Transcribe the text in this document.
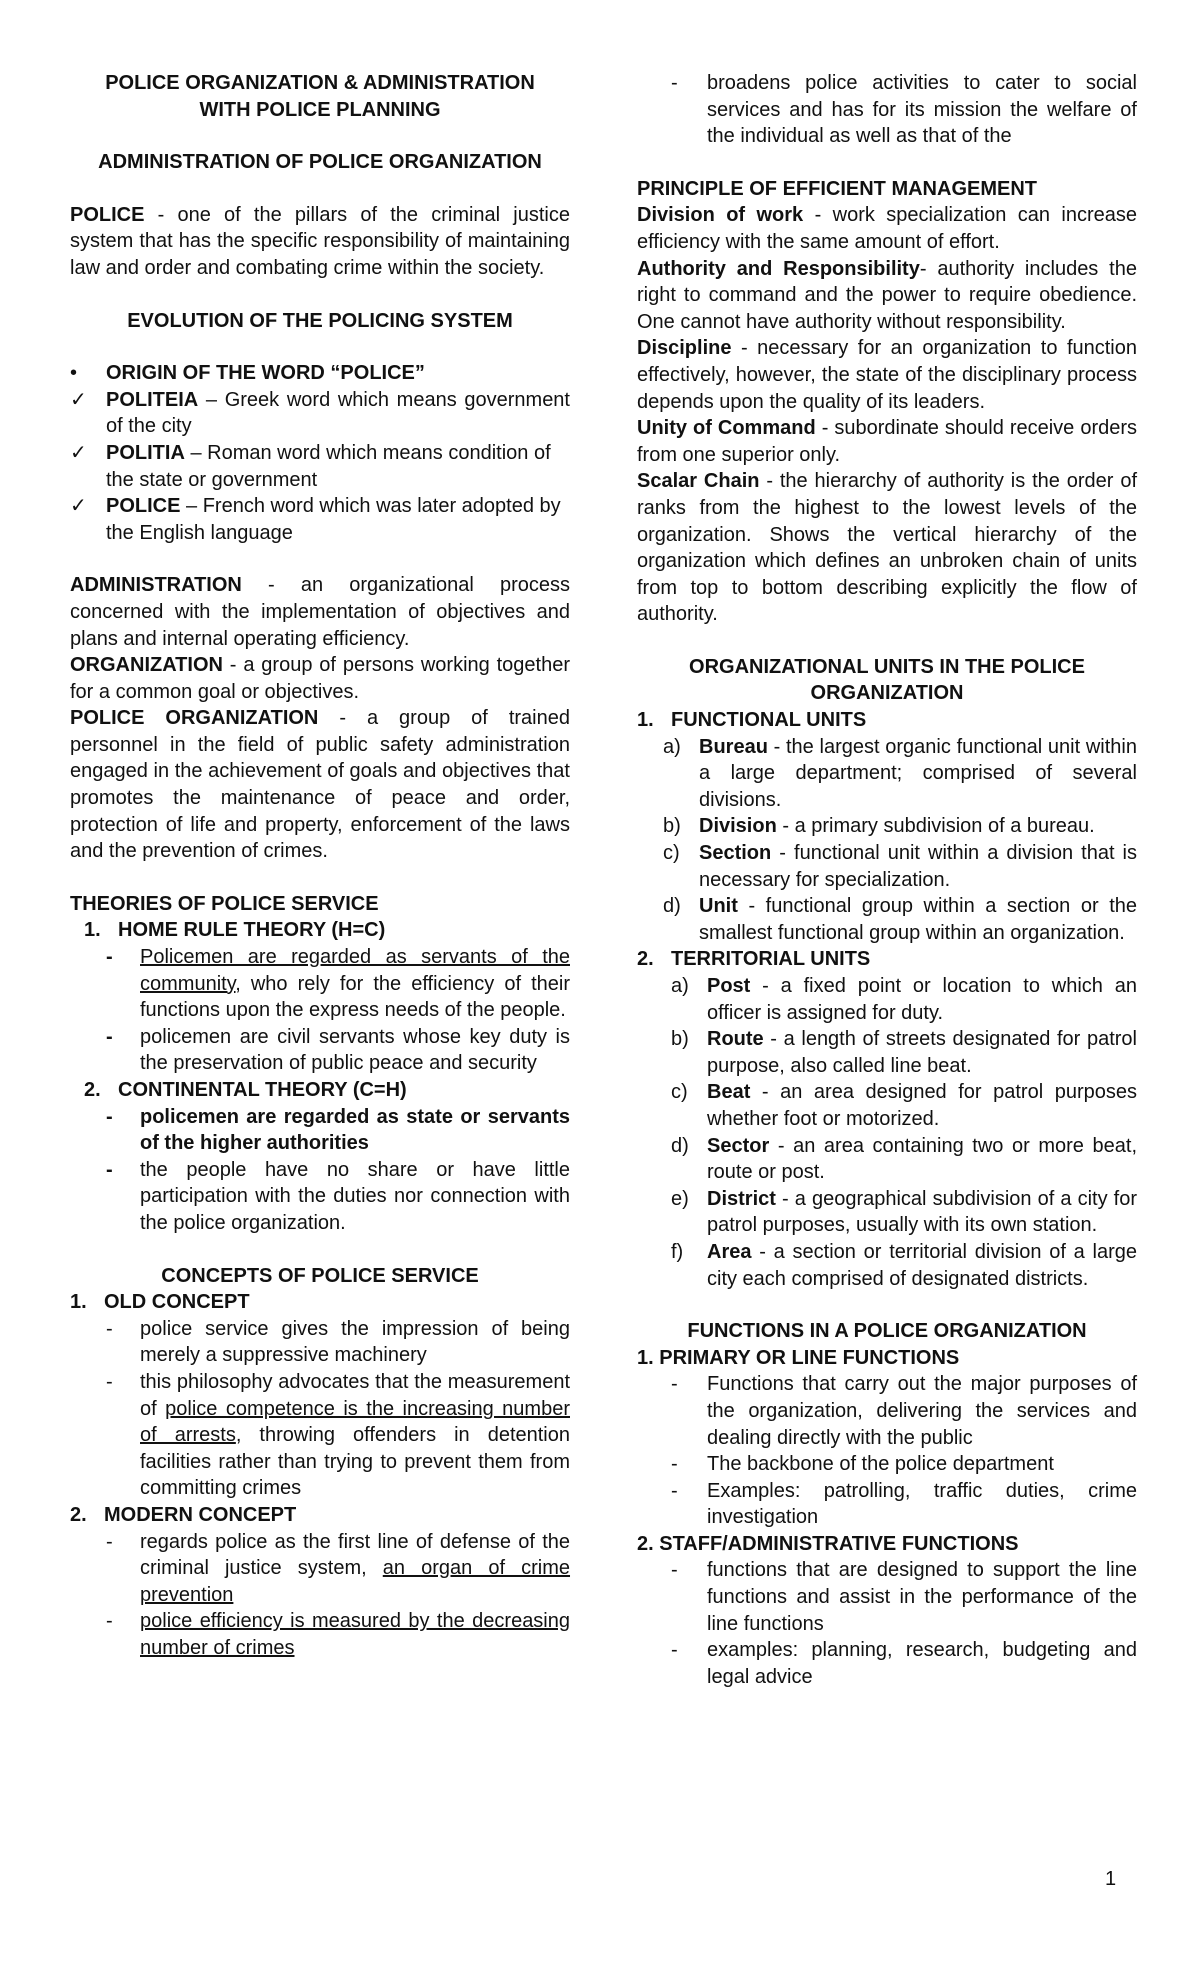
POLICE ORGANIZATION & ADMINISTRATION
WITH POLICE PLANNING
ADMINISTRATION OF POLICE ORGANIZATION
POLICE - one of the pillars of the criminal justice system that has the specific responsibility of maintaining law and order and combating crime within the society.
EVOLUTION OF THE POLICING SYSTEM
•	ORIGIN OF THE WORD “POLICE”
✓ POLITEIA – Greek word which means government of the city
✓ POLITIA – Roman word which means condition of the state or government
✓ POLICE – French word which was later adopted by the English language
ADMINISTRATION - an organizational process concerned with the implementation of objectives and plans and internal operating efficiency.
ORGANIZATION - a group of persons working together for a common goal or objectives.
POLICE ORGANIZATION - a group of trained personnel in the field of public safety administration engaged in the achievement of goals and objectives that promotes the maintenance of peace and order, protection of life and property, enforcement of the laws and the prevention of crimes.
THEORIES OF POLICE SERVICE
1. HOME RULE THEORY (H=C)
- Policemen are regarded as servants of the community, who rely for the efficiency of their functions upon the express needs of the people.
- policemen are civil servants whose key duty is the preservation of public peace and security
2. CONTINENTAL THEORY (C=H)
- policemen are regarded as state or servants of the higher authorities
- the people have no share or have little participation with the duties nor connection with the police organization.
CONCEPTS OF POLICE SERVICE
1. OLD CONCEPT
- police service gives the impression of being merely a suppressive machinery
- this philosophy advocates that the measurement of police competence is the increasing number of arrests, throwing offenders in detention facilities rather than trying to prevent them from committing crimes
2. MODERN CONCEPT
- regards police as the first line of defense of the criminal justice system, an organ of crime prevention
- police efficiency is measured by the decreasing number of crimes
- broadens police activities to cater to social services and has for its mission the welfare of the individual as well as that of the
PRINCIPLE OF EFFICIENT MANAGEMENT
Division of work - work specialization can increase efficiency with the same amount of effort.
Authority and Responsibility- authority includes the right to command and the power to require obedience. One cannot have authority without responsibility.
Discipline - necessary for an organization to function effectively, however, the state of the disciplinary process depends upon the quality of its leaders.
Unity of Command - subordinate should receive orders from one superior only.
Scalar Chain - the hierarchy of authority is the order of ranks from the highest to the lowest levels of the organization. Shows the vertical hierarchy of the organization which defines an unbroken chain of units from top to bottom describing explicitly the flow of authority.
ORGANIZATIONAL UNITS IN THE POLICE
ORGANIZATION
1. FUNCTIONAL UNITS
a) Bureau - the largest organic functional unit within a large department; comprised of several divisions.
b) Division - a primary subdivision of a bureau.
c) Section - functional unit within a division that is necessary for specialization.
d) Unit - functional group within a section or the smallest functional group within an organization.
2. TERRITORIAL UNITS
a) Post - a fixed point or location to which an officer is assigned for duty.
b) Route - a length of streets designated for patrol purpose, also called line beat.
c) Beat - an area designed for patrol purposes whether foot or motorized.
d) Sector - an area containing two or more beat, route or post.
e) District - a geographical subdivision of a city for patrol purposes, usually with its own station.
f) Area - a section or territorial division of a large city each comprised of designated districts.
FUNCTIONS IN A POLICE ORGANIZATION
1. PRIMARY OR LINE FUNCTIONS
- Functions that carry out the major purposes of the organization, delivering the services and dealing directly with the public
- The backbone of the police department
- Examples: patrolling, traffic duties, crime investigation
2. STAFF/ADMINISTRATIVE FUNCTIONS
- functions that are designed to support the line functions and assist in the performance of the line functions
- examples: planning, research, budgeting and legal advice
1
